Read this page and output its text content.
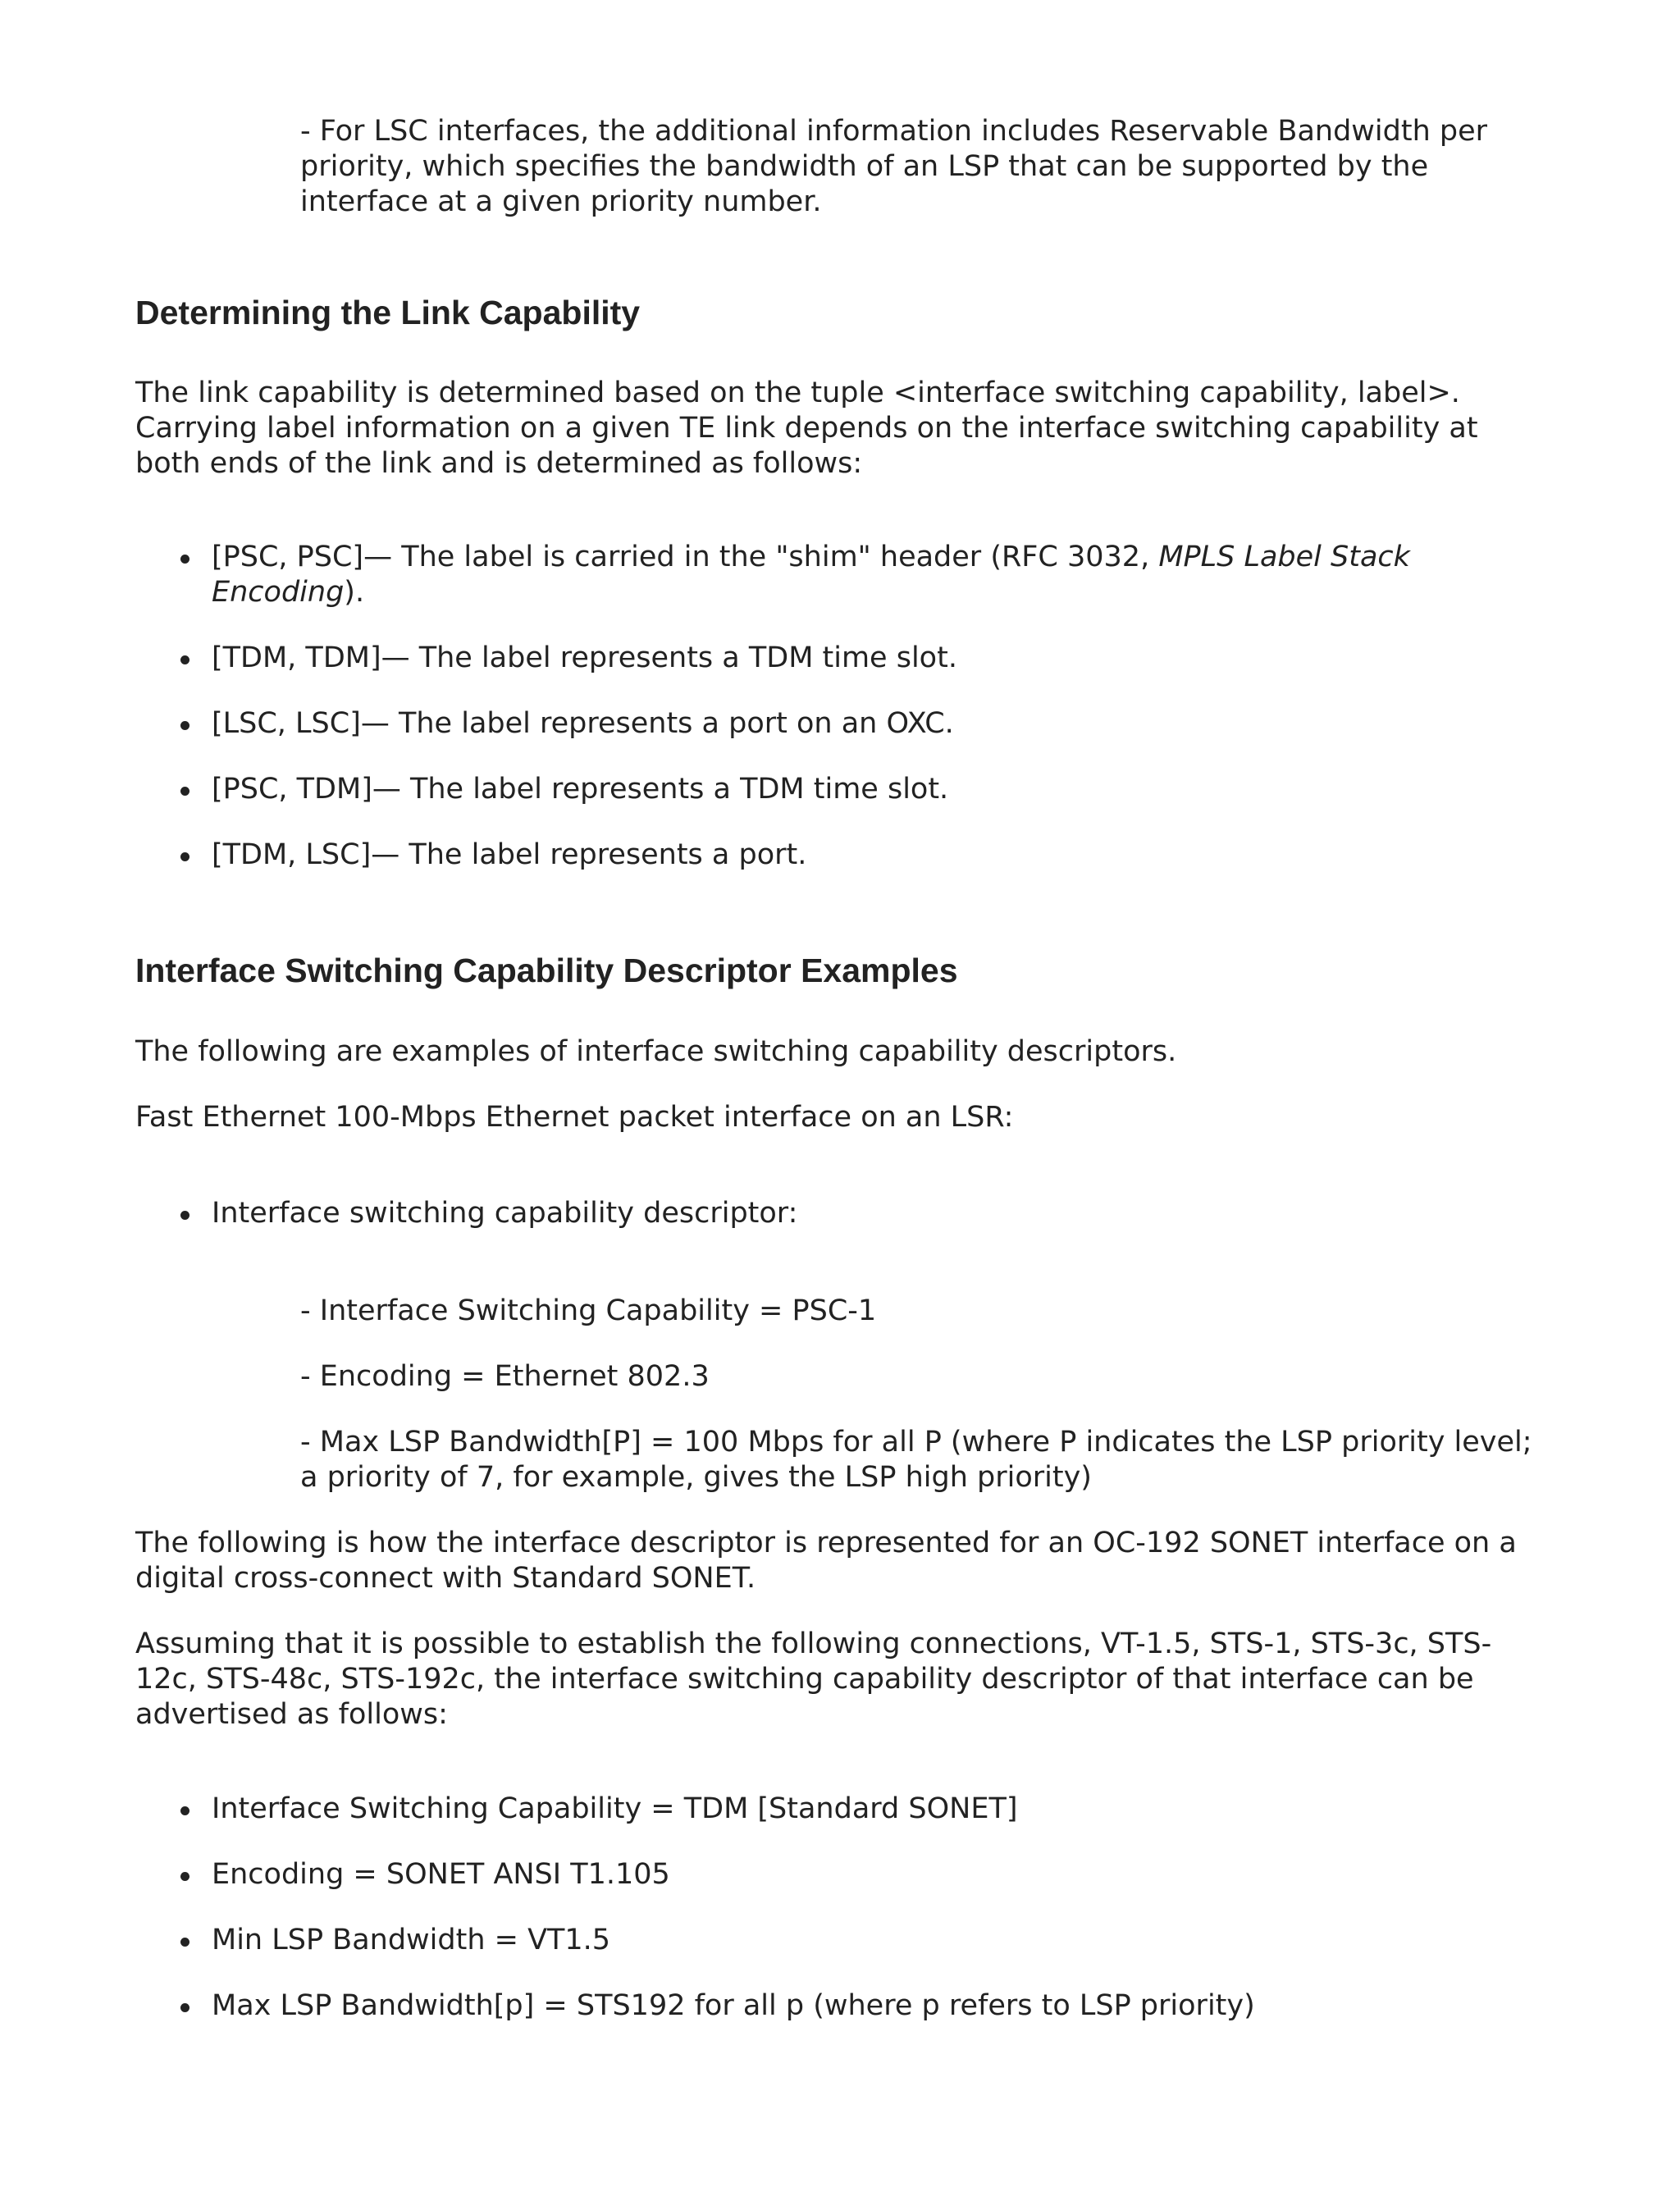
- For LSC interfaces, the additional information includes Reservable Bandwidth per priority, which specifies the bandwidth of an LSP that can be supported by the interface at a given priority number.

Determining the Link Capability

The link capability is determined based on the tuple <interface switching capability, label>. Carrying label information on a given TE link depends on the interface switching capability at both ends of the link and is determined as follows:

[PSC, PSC]— The label is carried in the "shim" header (RFC 3032, MPLS Label Stack Encoding).
[TDM, TDM]— The label represents a TDM time slot.
[LSC, LSC]— The label represents a port on an OXC.
[PSC, TDM]— The label represents a TDM time slot.
[TDM, LSC]— The label represents a port.
Interface Switching Capability Descriptor Examples

The following are examples of interface switching capability descriptors.

Fast Ethernet 100-Mbps Ethernet packet interface on an LSR:

Interface switching capability descriptor:

- Interface Switching Capability = PSC-1

- Encoding = Ethernet 802.3

- Max LSP Bandwidth[P] = 100 Mbps for all P (where P indicates the LSP priority level; a priority of 7, for example, gives the LSP high priority)

The following is how the interface descriptor is represented for an OC-192 SONET interface on a digital cross-connect with Standard SONET.

Assuming that it is possible to establish the following connections, VT-1.5, STS-1, STS-3c, STS-12c, STS-48c, STS-192c, the interface switching capability descriptor of that interface can be advertised as follows:

Interface Switching Capability = TDM [Standard SONET]
Encoding = SONET ANSI T1.105
Min LSP Bandwidth = VT1.5
Max LSP Bandwidth[p] = STS192 for all p (where p refers to LSP priority)
